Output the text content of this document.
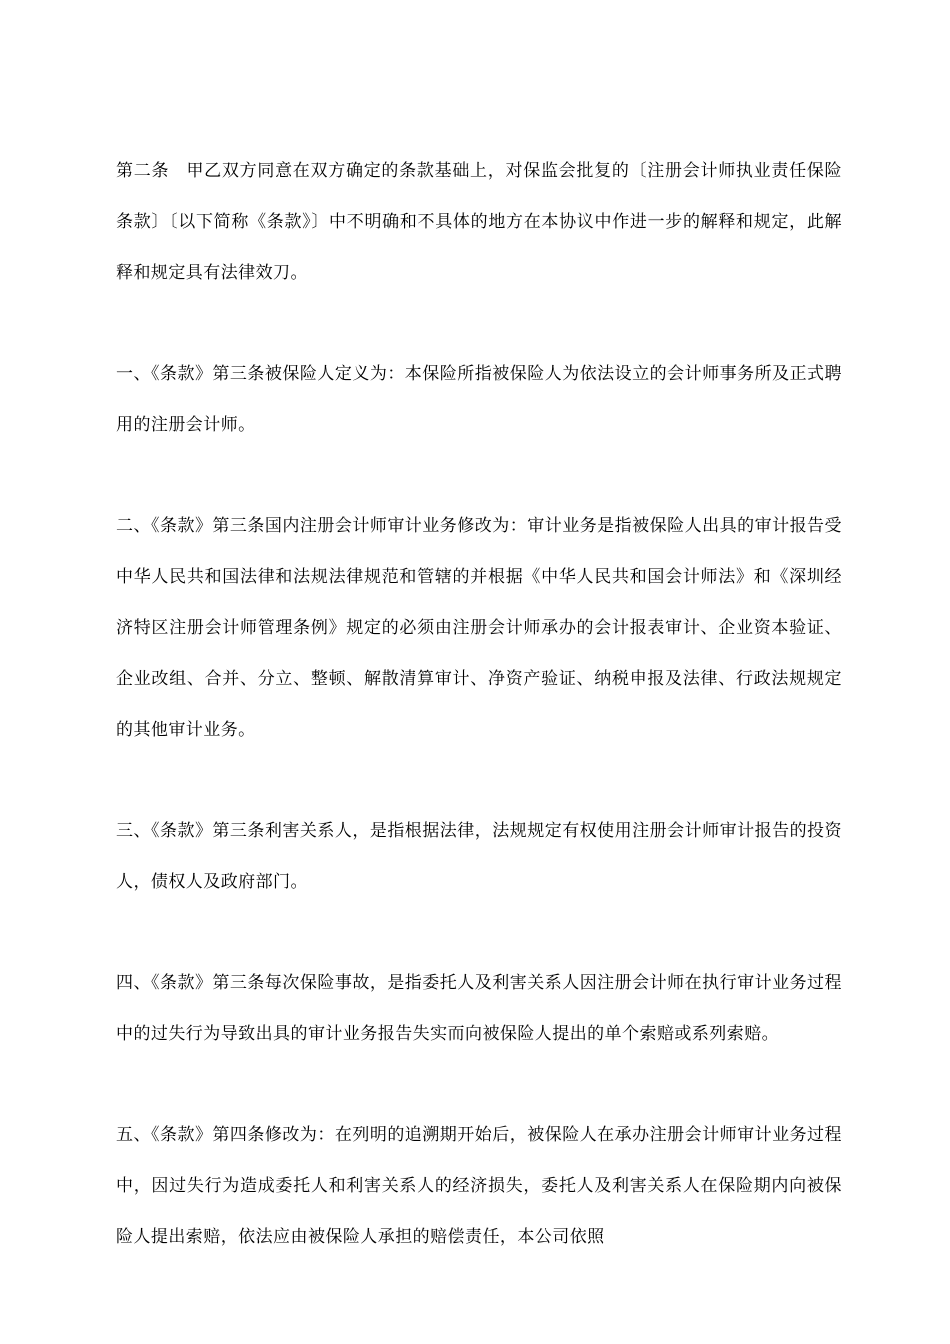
第二条 甲乙双方同意在双方确定的条款基础上，对保监会批复的〔注册会计师执业责任保险条款〕〔以下简称《条款》〕中不明确和不具体的地方在本协议中作进一步的解释和规定，此解释和规定具有法律效刀。

一、《条款》第三条被保险人定义为：本保险所指被保险人为依法设立的会计师事务所及正式聘用的注册会计师。

二、《条款》第三条国内注册会计师审计业务修改为：审计业务是指被保险人出具的审计报告受中华人民共和国法律和法规法律规范和管辖的并根据《中华人民共和国会计师法》和《深圳经济特区注册会计师管理条例》规定的必须由注册会计师承办的会计报表审计、企业资本验证、企业改组、合并、分立、整顿、解散清算审计、净资产验证、纳税申报及法律、行政法规规定的其他审计业务。

三、《条款》第三条利害关系人，是指根据法律，法规规定有权使用注册会计师审计报告的投资人，债权人及政府部门。

四、《条款》第三条每次保险事故，是指委托人及利害关系人因注册会计师在执行审计业务过程中的过失行为导致出具的审计业务报告失实而向被保险人提出的单个索赔或系列索赔。

五、《条款》第四条修改为：在列明的追溯期开始后，被保险人在承办注册会计师审计业务过程中，因过失行为造成委托人和利害关系人的经济损失，委托人及利害关系人在保险期内向被保险人提出索赔，依法应由被保险人承担的赔偿责任，本公司依照
